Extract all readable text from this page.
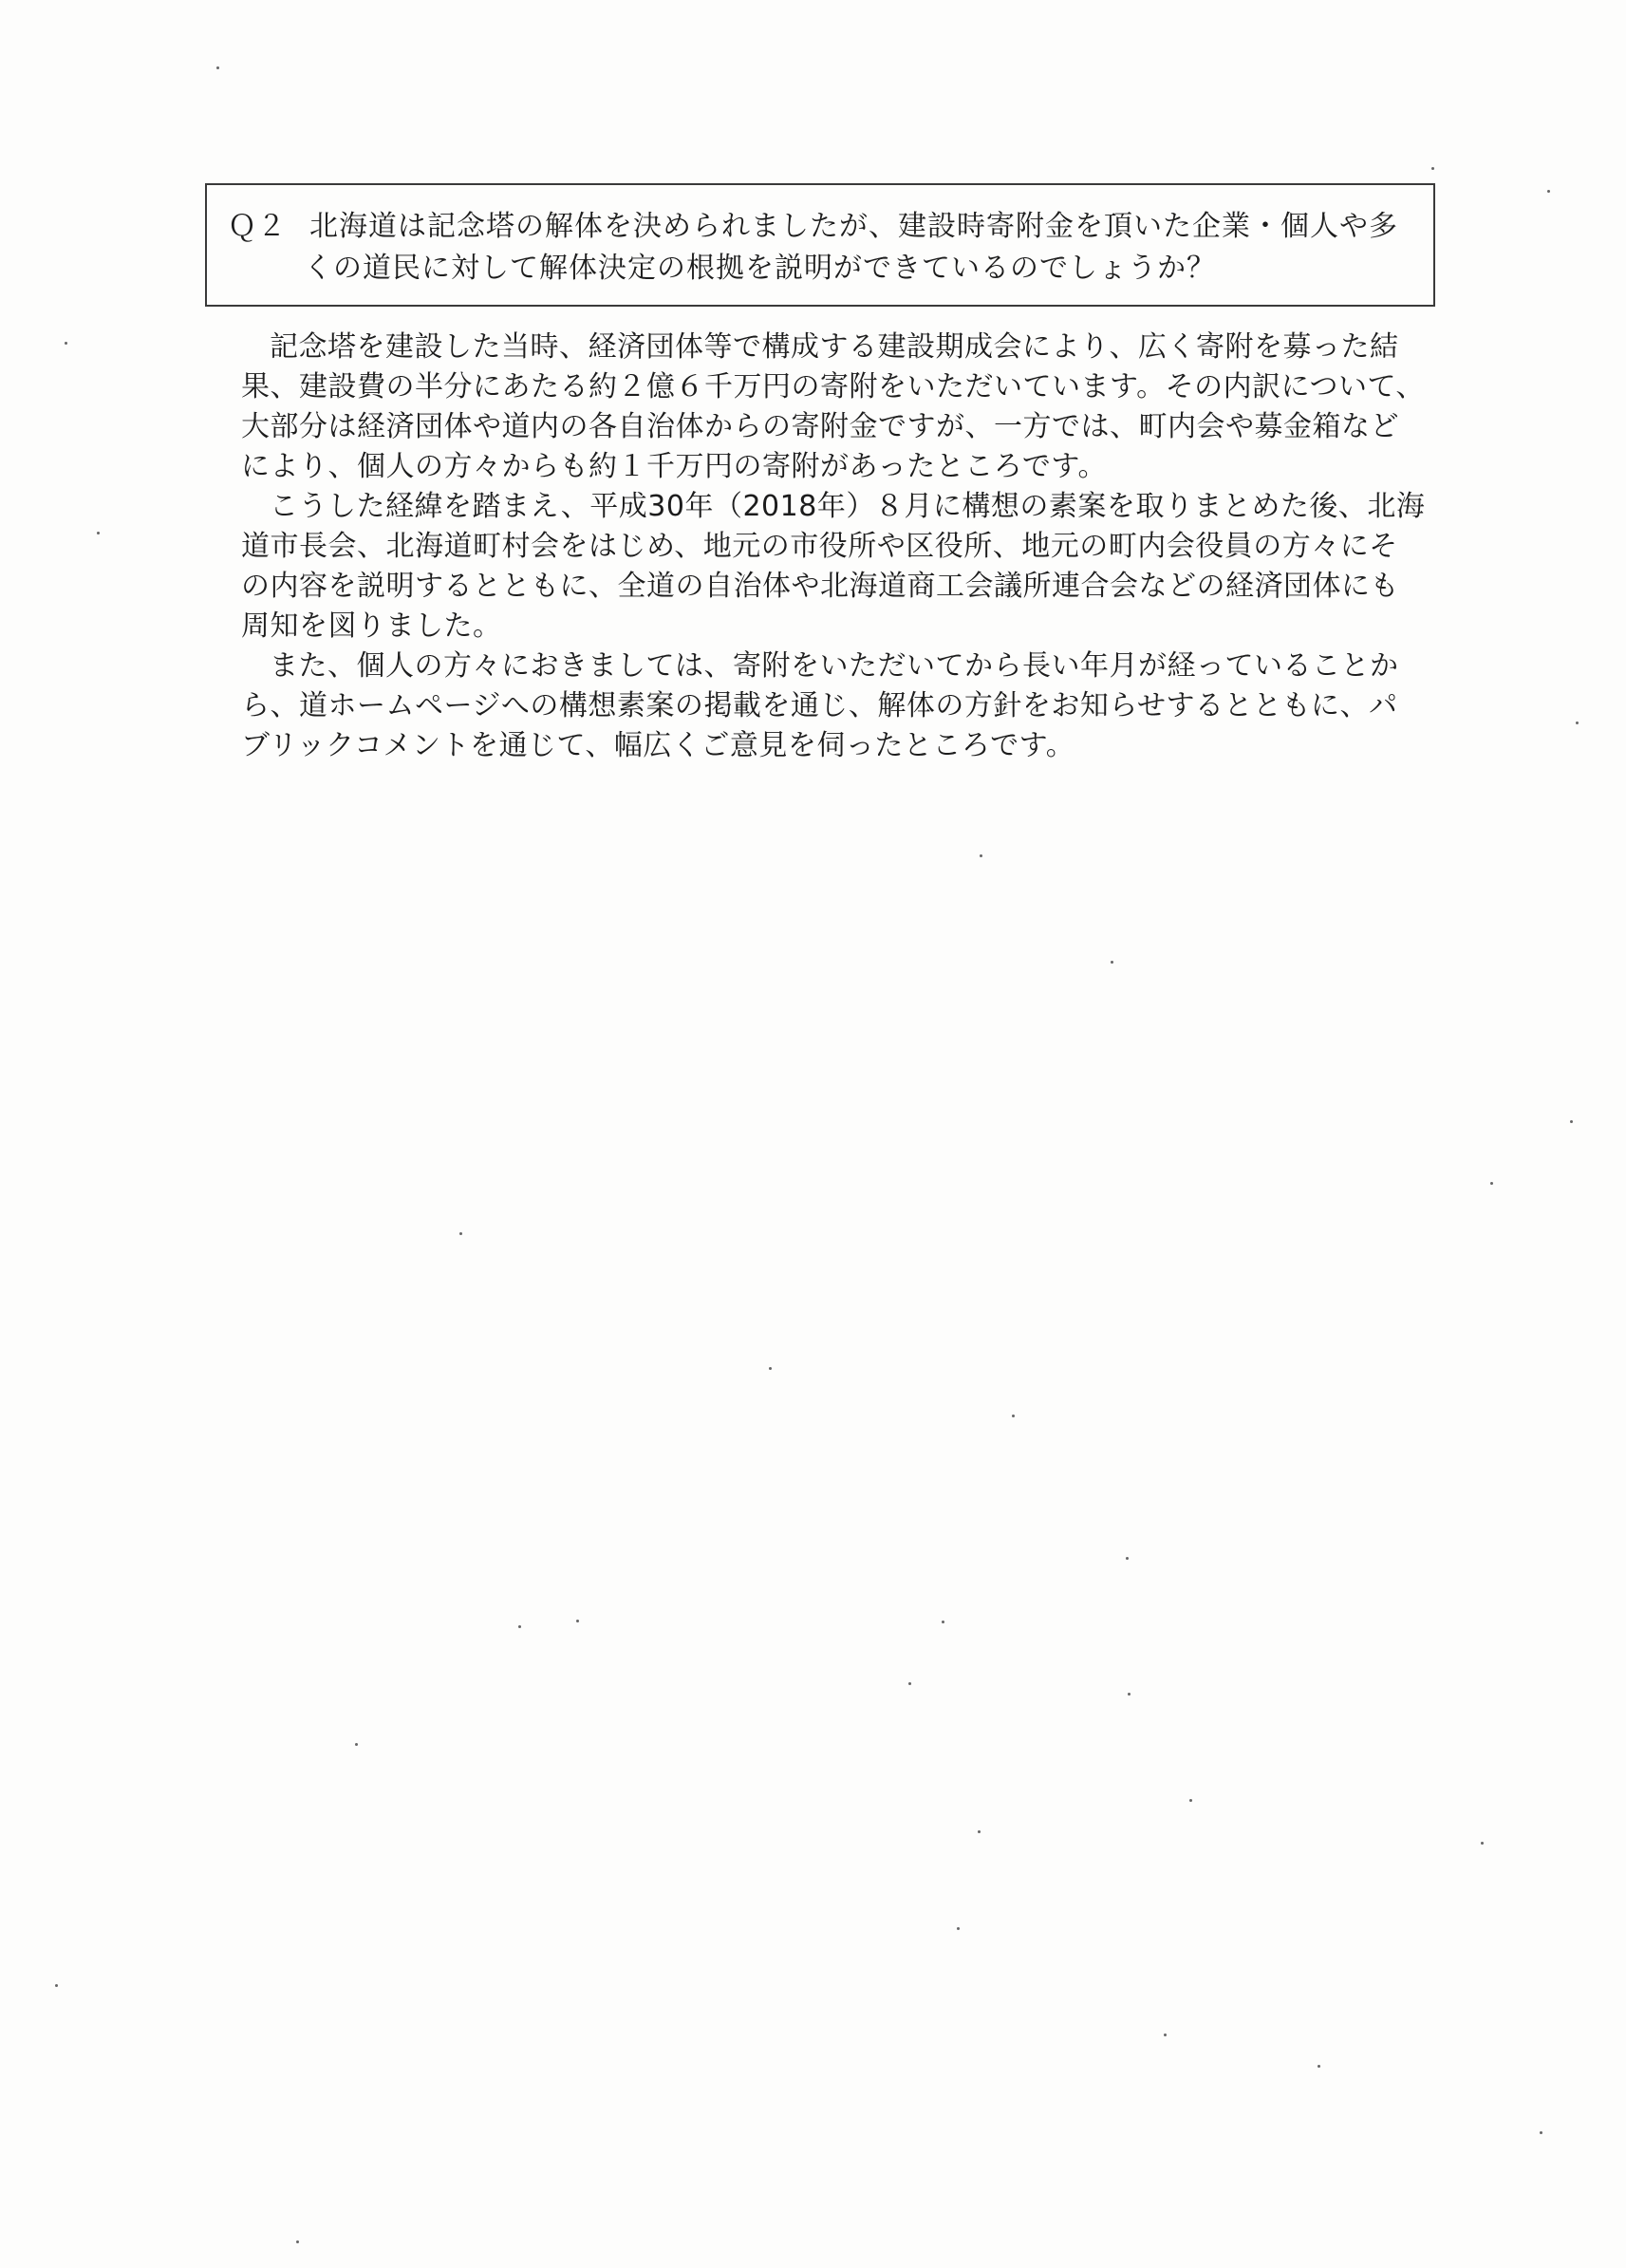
Ｑ２ 北海道は記念塔の解体を決められましたが、建設時寄附金を頂いた企業・個人や多
くの道民に対して解体決定の根拠を説明ができているのでしょうか？

記念塔を建設した当時、経済団体等で構成する建設期成会により、広く寄附を募った結

果、建設費の半分にあたる約２億６千万円の寄附をいただいています。その内訳について、

大部分は経済団体や道内の各自治体からの寄附金ですが、一方では、町内会や募金箱など

により、個人の方々からも約１千万円の寄附があったところです。

こうした経緯を踏まえ、平成30年（2018年）８月に構想の素案を取りまとめた後、北海

道市長会、北海道町村会をはじめ、地元の市役所や区役所、地元の町内会役員の方々にそ

の内容を説明するとともに、全道の自治体や北海道商工会議所連合会などの経済団体にも

周知を図りました。

また、個人の方々におきましては、寄附をいただいてから長い年月が経っていることか

ら、道ホームページへの構想素案の掲載を通じ、解体の方針をお知らせするとともに、パ

ブリックコメントを通じて、幅広くご意見を伺ったところです。
